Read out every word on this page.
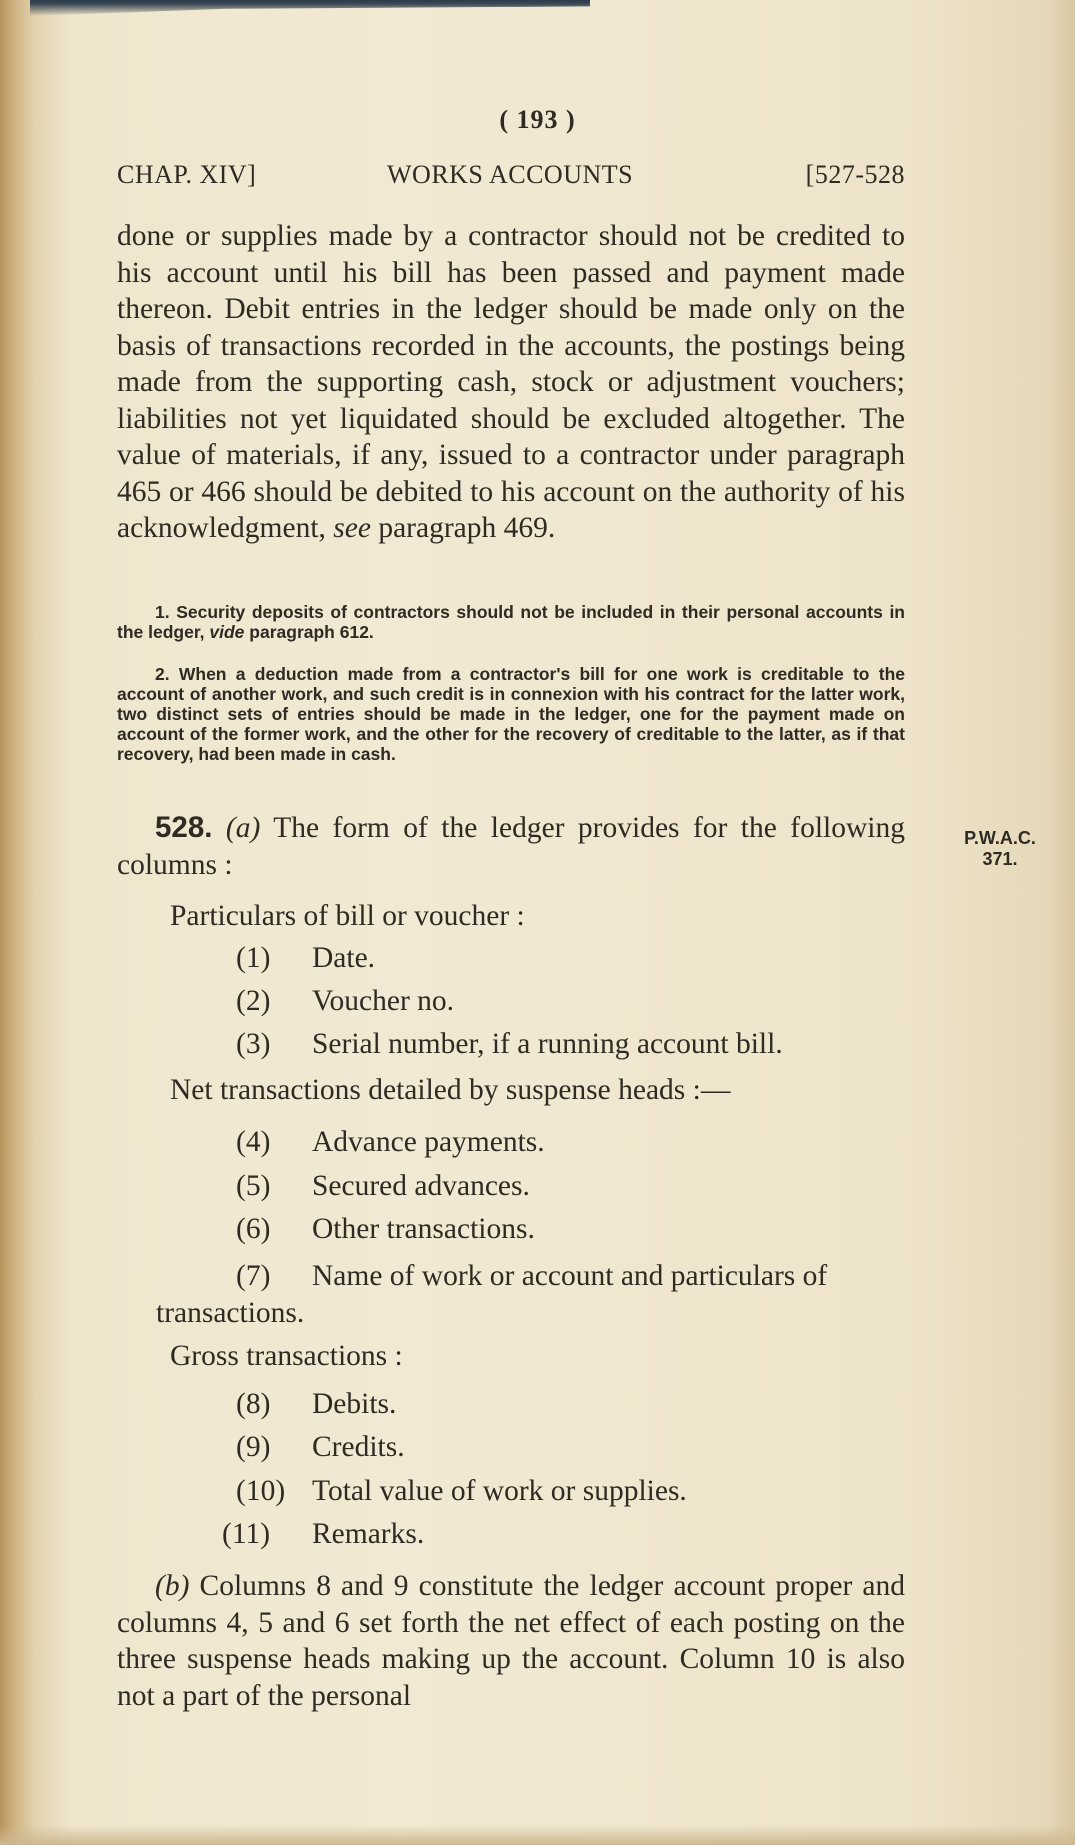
( 193 )
CHAP. XIV]	WORKS ACCOUNTS	[527-528

done or supplies made by a contractor should not be credited to his account until his bill has been passed and payment made thereon. Debit entries in the ledger should be made only on the basis of transactions recorded in the accounts, the postings being made from the supporting cash, stock or adjustment vouchers; liabilities not yet liquidated should be excluded altogether. The value of materials, if any, issued to a contractor under paragraph 465 or 466 should be debited to his account on the authority of his acknowledgment, see paragraph 469.

1. Security deposits of contractors should not be included in their personal accounts in the ledger, vide paragraph 612.

2. When a deduction made from a contractor's bill for one work is creditable to the account of another work, and such credit is in connexion with his contract for the latter work, two distinct sets of entries should be made in the ledger, one for the payment made on account of the former work, and the other for the recovery of creditable to the latter, as if that recovery, had been made in cash.

528. (a) The form of the ledger provides for the following columns :

P.W.A.C.
371.
Particulars of bill or voucher :
(1) Date.
(2) Voucher no.
(3) Serial number, if a running account bill.
Net transactions detailed by suspense heads :—
(4) Advance payments.
(5) Secured advances.
(6) Other transactions.
(7) Name of work or account and particulars of transactions.
Gross transactions :
(8) Debits.
(9) Credits.
(10) Total value of work or supplies.
(11) Remarks.

(b) Columns 8 and 9 constitute the ledger account proper and columns 4, 5 and 6 set forth the net effect of each posting on the three suspense heads making up the account. Column 10 is also not a part of the personal
